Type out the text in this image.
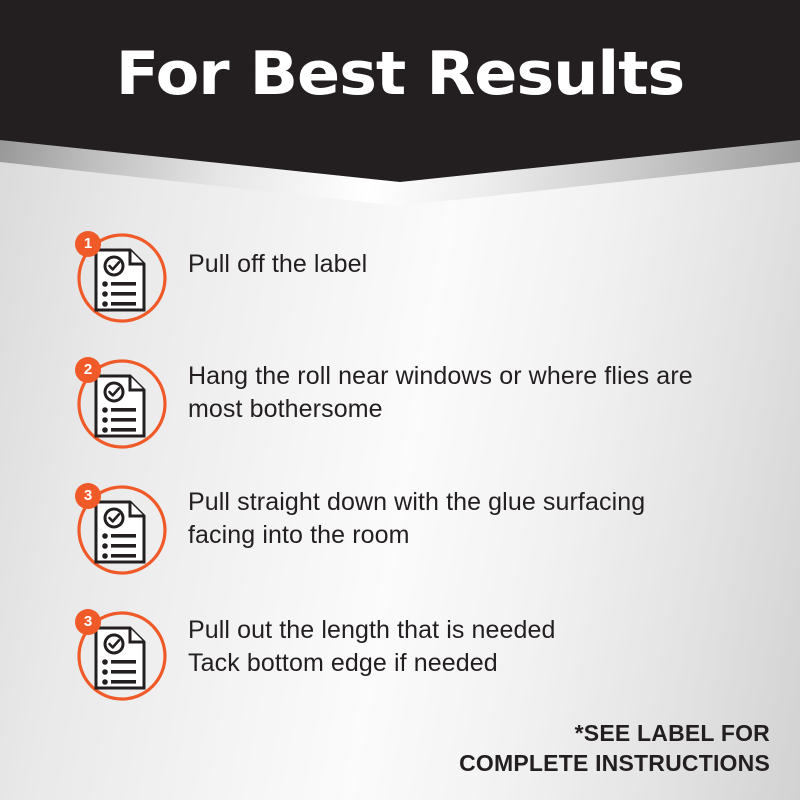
For Best Results
1
Pull off the label
2	Hang the roll near windows or where flies are
most bothersome
3	Pull straight down with the glue surfacing
facing into the room
3	Pull out the length that is needed
Tack bottom edge if needed
*SEE LABEL FOR
COMPLETE INSTRUCTIONS
